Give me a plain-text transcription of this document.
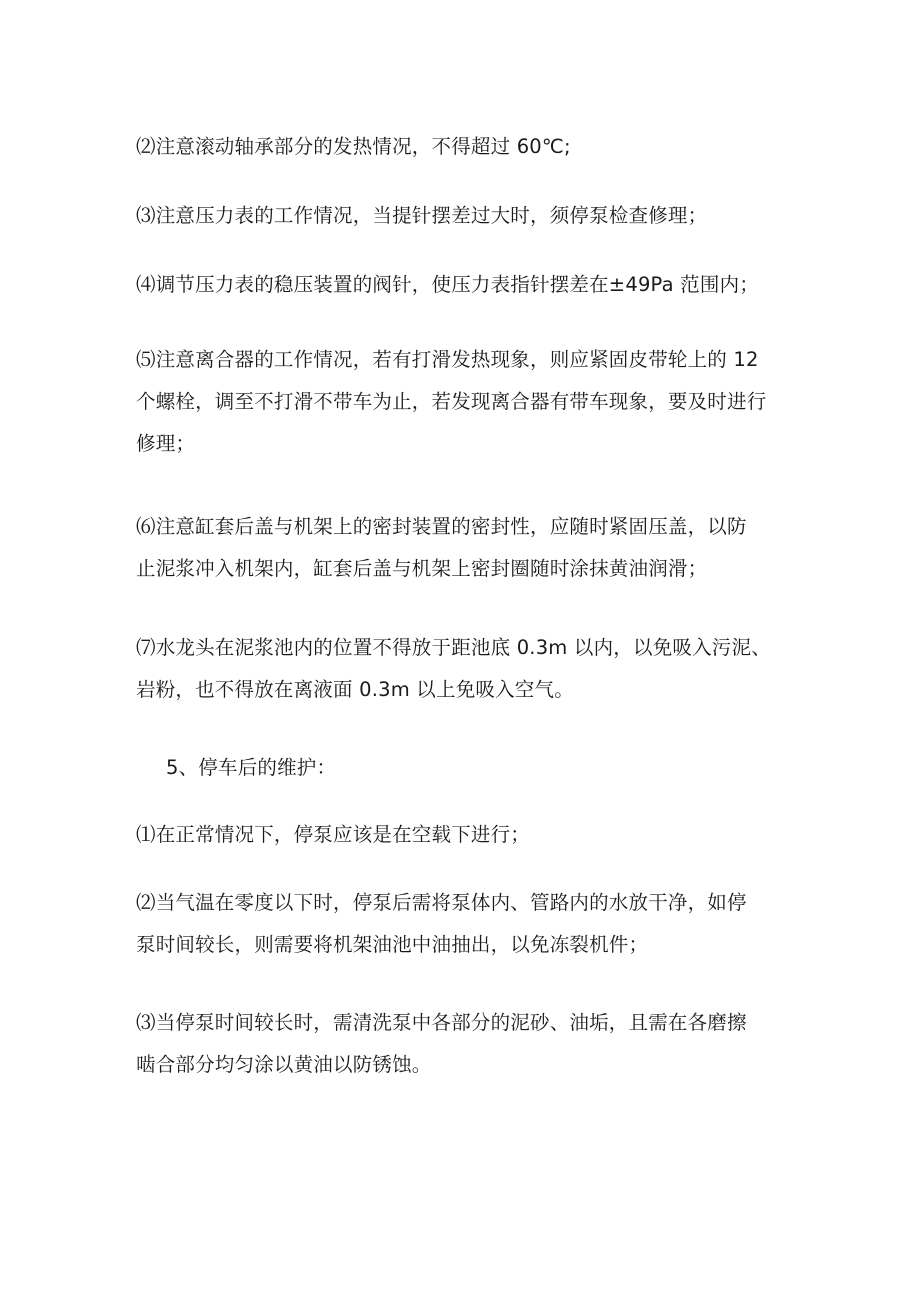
⑵注意滚动轴承部分的发热情况，不得超过 60℃;

⑶注意压力表的工作情况，当提针摆差过大时，须停泵检查修理；

⑷调节压力表的稳压装置的阀针，使压力表指针摆差在±49Pa 范围内；

⑸注意离合器的工作情况，若有打滑发热现象，则应紧固皮带轮上的 12
个螺栓，调至不打滑不带车为止，若发现离合器有带车现象，要及时进行
修理；

⑹注意缸套后盖与机架上的密封装置的密封性，应随时紧固压盖，以防
止泥浆冲入机架内，缸套后盖与机架上密封圈随时涂抹黄油润滑；

⑺水龙头在泥浆池内的位置不得放于距池底 0.3m 以内，以免吸入污泥、
岩粉，也不得放在离液面 0.3m 以上免吸入空气。

5、停车后的维护：

⑴在正常情况下，停泵应该是在空载下进行；

⑵当气温在零度以下时，停泵后需将泵体内、管路内的水放干净，如停
泵时间较长，则需要将机架油池中油抽出，以免冻裂机件；

⑶当停泵时间较长时，需清洗泵中各部分的泥砂、油垢，且需在各磨擦
啮合部分均匀涂以黄油以防锈蚀。
